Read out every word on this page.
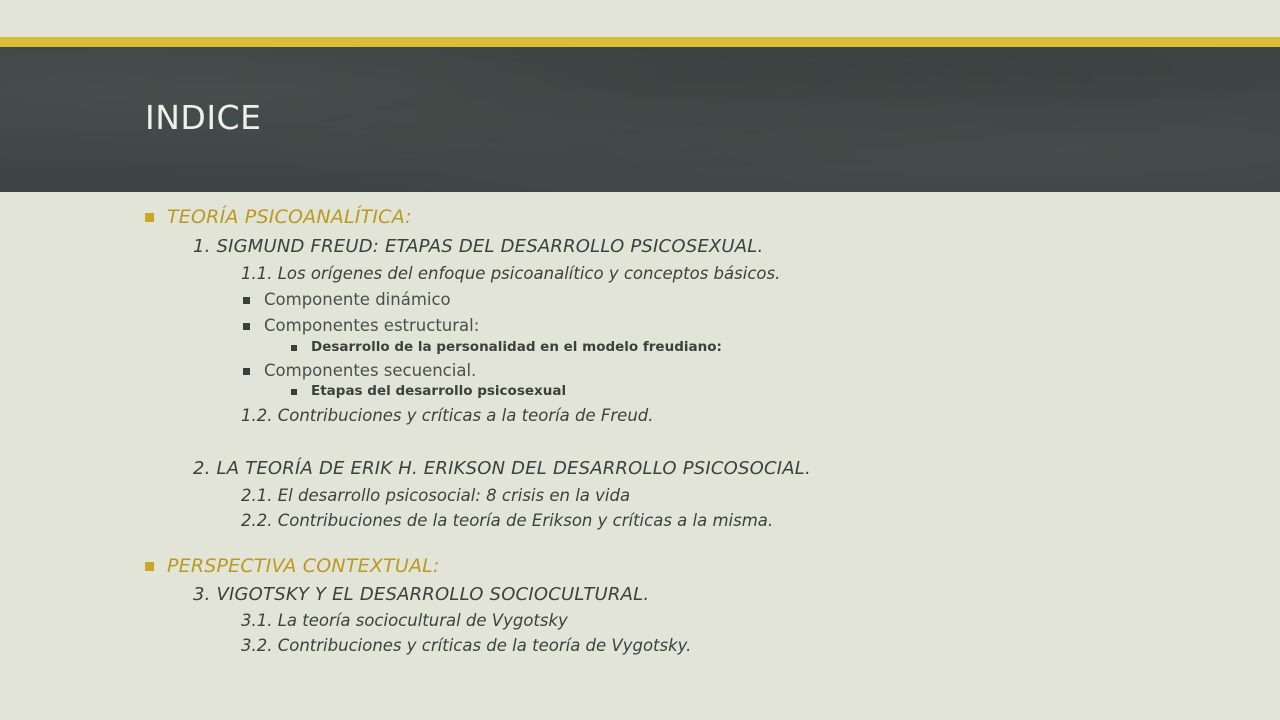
INDICE
TEORÍA PSICOANALÍTICA:
1. SIGMUND FREUD: ETAPAS DEL DESARROLLO PSICOSEXUAL.
1.1. Los orígenes del enfoque psicoanalítico y conceptos básicos.
Componente dinámico
Componentes estructural:
Desarrollo de la personalidad en el modelo freudiano:
Componentes secuencial.
Etapas del desarrollo psicosexual
1.2. Contribuciones y críticas a la teoría de Freud.
2. LA TEORÍA DE ERIK H. ERIKSON DEL DESARROLLO PSICOSOCIAL.
2.1. El desarrollo psicosocial: 8 crisis en la vida
2.2. Contribuciones de la teoría de Erikson y críticas a la misma.
PERSPECTIVA CONTEXTUAL:
3. VIGOTSKY Y EL DESARROLLO SOCIOCULTURAL.
3.1. La teoría sociocultural de Vygotsky
3.2. Contribuciones y críticas de la teoría de Vygotsky.
